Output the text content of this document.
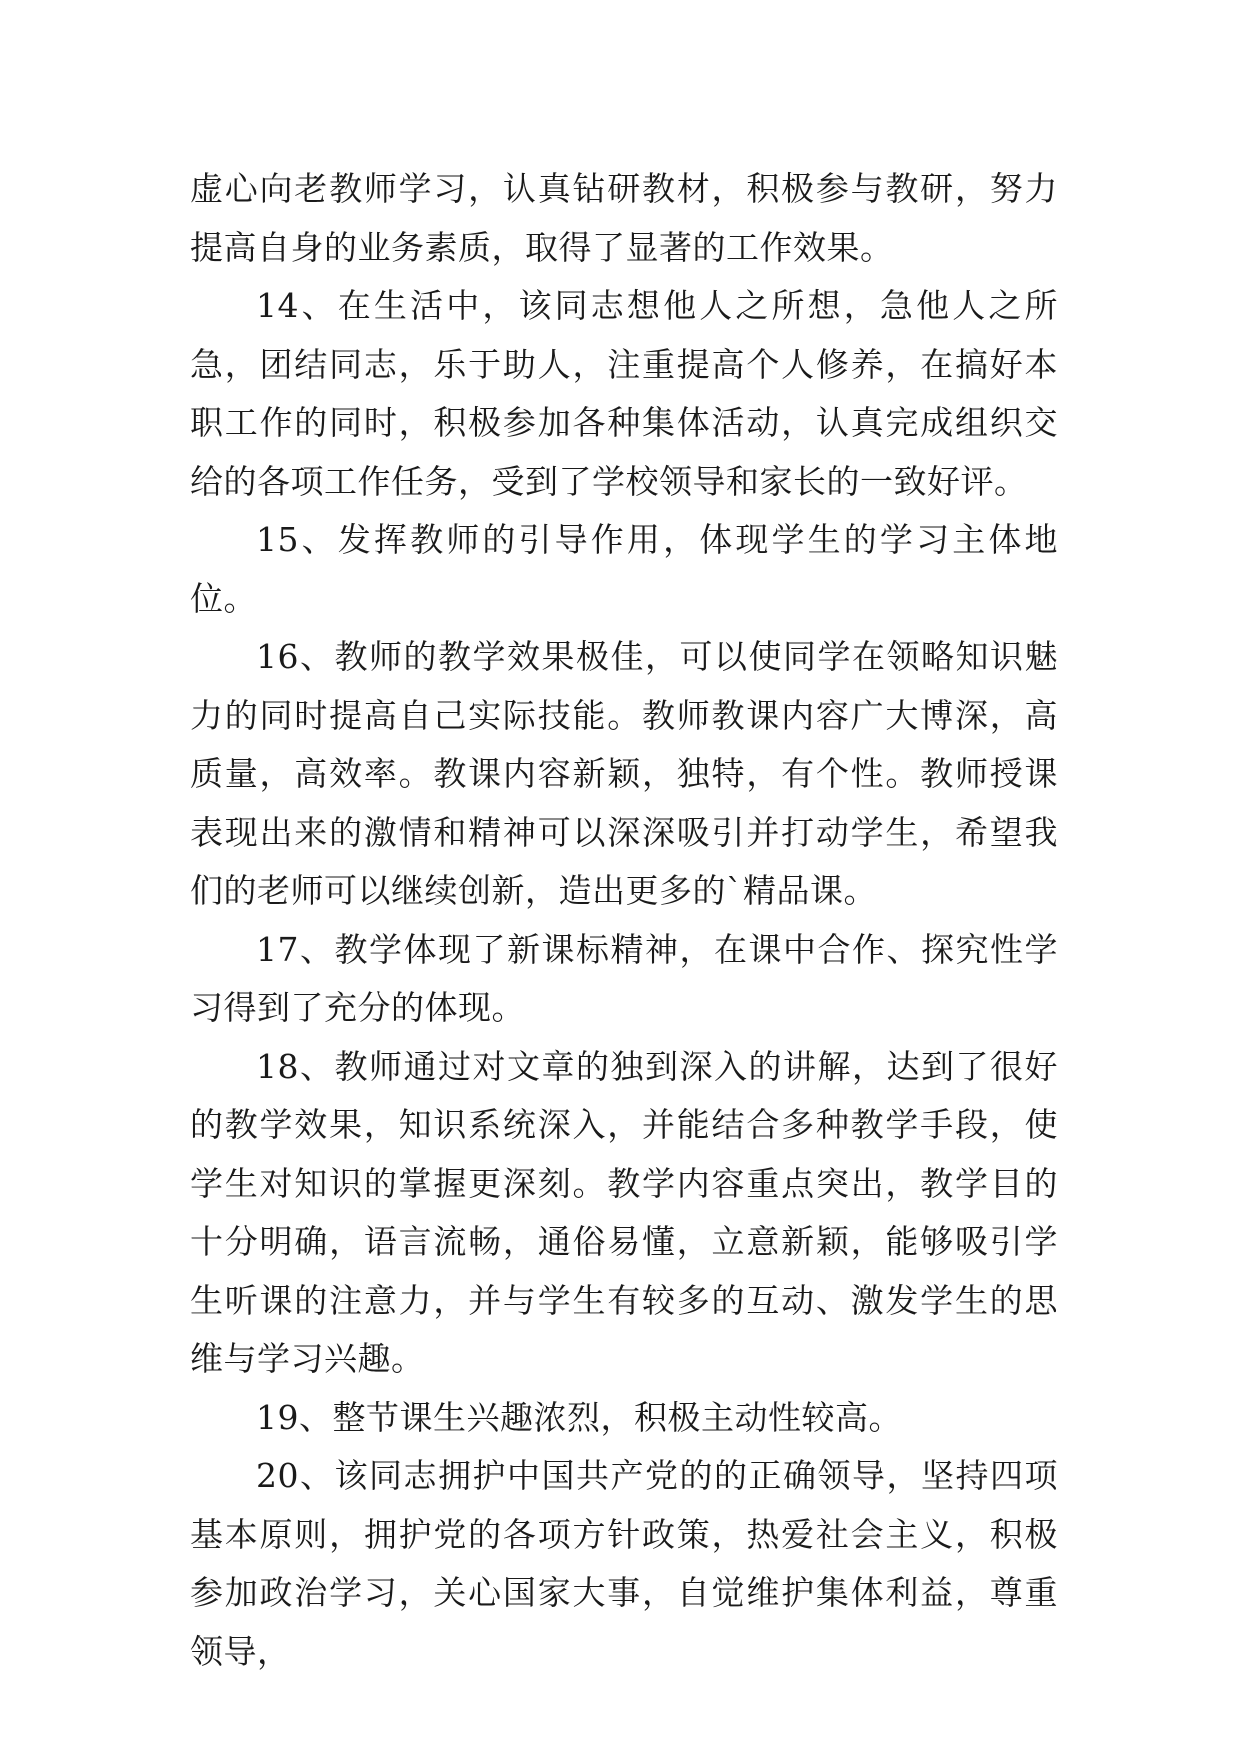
虚心向老教师学习，认真钻研教材，积极参与教研，努力提高自身的业务素质，取得了显著的工作效果。

14、在生活中，该同志想他人之所想，急他人之所急，团结同志，乐于助人，注重提高个人修养，在搞好本职工作的同时，积极参加各种集体活动，认真完成组织交给的各项工作任务，受到了学校领导和家长的一致好评。

15、发挥教师的引导作用，体现学生的学习主体地位。

16、教师的教学效果极佳，可以使同学在领略知识魅力的同时提高自己实际技能。教师教课内容广大博深，高质量，高效率。教课内容新颖，独特，有个性。教师授课表现出来的激情和精神可以深深吸引并打动学生，希望我们的老师可以继续创新，造出更多的`精品课。

17、教学体现了新课标精神，在课中合作、探究性学习得到了充分的体现。

18、教师通过对文章的独到深入的讲解，达到了很好的教学效果，知识系统深入，并能结合多种教学手段，使学生对知识的掌握更深刻。教学内容重点突出，教学目的十分明确，语言流畅，通俗易懂，立意新颖，能够吸引学生听课的注意力，并与学生有较多的互动、激发学生的思维与学习兴趣。

19、整节课生兴趣浓烈，积极主动性较高。

20、该同志拥护中国共产党的的正确领导，坚持四项基本原则，拥护党的各项方针政策，热爱社会主义，积极参加政治学习，关心国家大事，自觉维护集体利益，尊重领导，
